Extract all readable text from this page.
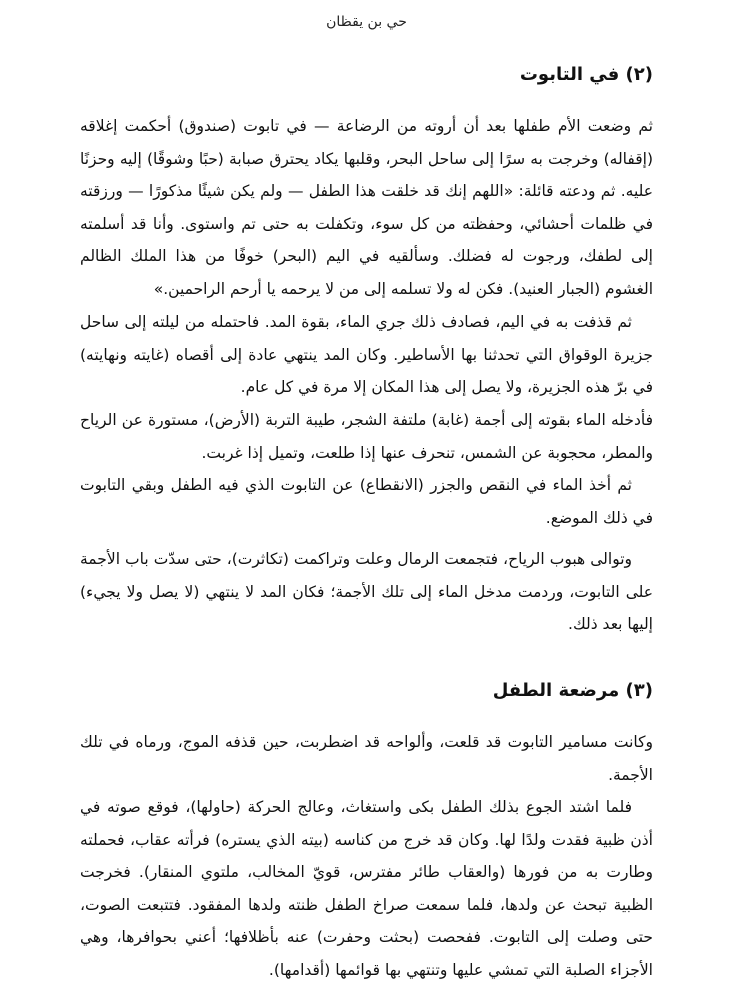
حي بن يقظان
(٢) في التابوت

ثم وضعت الأم طفلها بعد أن أروته من الرضاعة — في تابوت (صندوق) أحكمت إغلاقه (إقفاله) وخرجت به سرًا إلى ساحل البحر، وقلبها يكاد يحترق صبابة (حبًا وشوقًا) إليه وحزنًا عليه. ثم ودعته قائلة: «اللهم إنك قد خلقت هذا الطفل — ولم يكن شيئًا مذكورًا — ورزقته في ظلمات أحشائي، وحفظته من كل سوء، وتكفلت به حتى تم واستوى. وأنا قد أسلمته إلى لطفك، ورجوت له فضلك. وسألقيه في اليم (البحر) خوفًا من هذا الملك الظالم الغشوم (الجبار العنيد). فكن له ولا تسلمه إلى من لا يرحمه يا أرحم الراحمين.»

ثم قذفت به في اليم، فصادف ذلك جري الماء، بقوة المد. فاحتمله من ليلته إلى ساحل جزيرة الوقواق التي تحدثنا بها الأساطير. وكان المد ينتهي عادة إلى أقصاه (غايته ونهايته) في برّ هذه الجزيرة، ولا يصل إلى هذا المكان إلا مرة في كل عام.

فأدخله الماء بقوته إلى أجمة (غابة) ملتفة الشجر، طيبة التربة (الأرض)، مستورة عن الرياح والمطر، محجوبة عن الشمس، تنحرف عنها إذا طلعت، وتميل إذا غربت.

ثم أخذ الماء في النقص والجزر (الانقطاع) عن التابوت الذي فيه الطفل وبقي التابوت في ذلك الموضع.

وتوالى هبوب الرياح، فتجمعت الرمال وعلت وتراكمت (تكاثرت)، حتى سدّت باب الأجمة على التابوت، وردمت مدخل الماء إلى تلك الأجمة؛ فكان المد لا ينتهي (لا يصل ولا يجيء) إليها بعد ذلك.

(٣) مرضعة الطفل

وكانت مسامير التابوت قد قلعت، وألواحه قد اضطربت، حين قذفه الموج، ورماه في تلك الأجمة.

فلما اشتد الجوع بذلك الطفل بكى واستغاث، وعالج الحركة (حاولها)، فوقع صوته في أذن ظبية فقدت ولدًا لها. وكان قد خرج من كناسه (بيته الذي يستره) فرأته عقاب، فحملته وطارت به من فورها (والعقاب طائر مفترس، قويّ المخالب، ملتوي المنقار). فخرجت الظبية تبحث عن ولدها، فلما سمعت صراخ الطفل ظنته ولدها المفقود. فتتبعت الصوت، حتى وصلت إلى التابوت. ففحصت (بحثت وحفرت) عنه بأظلافها؛ أعني بحوافرها، وهي الأجزاء الصلبة التي تمشي عليها وتنتهي بها قوائمها (أقدامها).
